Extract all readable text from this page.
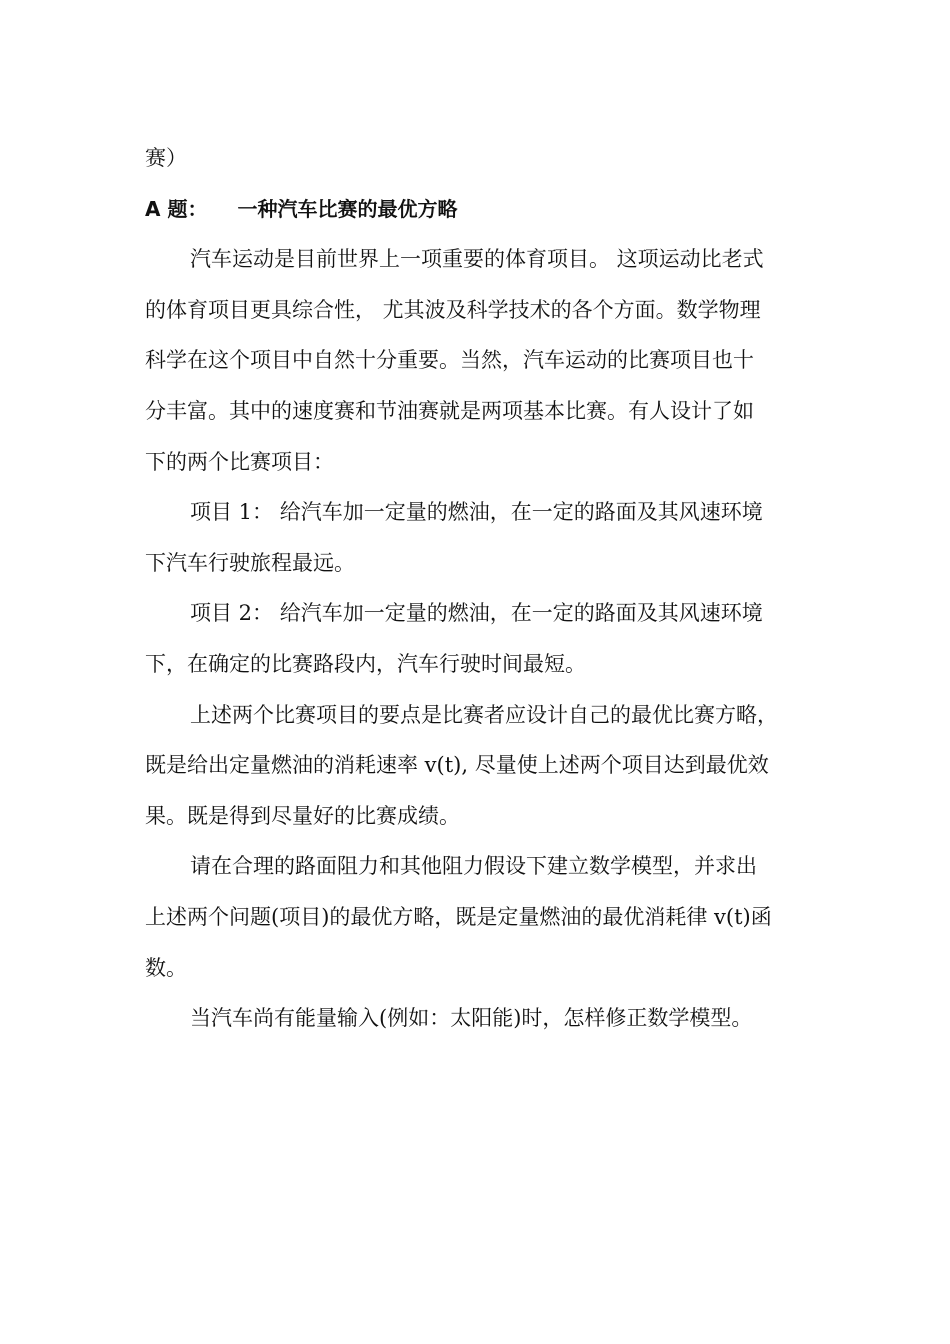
赛）
A 题： 一种汽车比赛的最优方略
汽车运动是目前世界上一项重要的体育项目。 这项运动比老式
的体育项目更具综合性， 尤其波及科学技术的各个方面。数学物理
科学在这个项目中自然十分重要。当然，汽车运动的比赛项目也十
分丰富。其中的速度赛和节油赛就是两项基本比赛。有人设计了如
下的两个比赛项目：
项目 1： 给汽车加一定量的燃油，在一定的路面及其风速环境
下汽车行驶旅程最远。
项目 2： 给汽车加一定量的燃油，在一定的路面及其风速环境
下，在确定的比赛路段内，汽车行驶时间最短。
上述两个比赛项目的要点是比赛者应设计自己的最优比赛方略，
既是给出定量燃油的消耗速率 v(t), 尽量使上述两个项目达到最优效
果。既是得到尽量好的比赛成绩。
请在合理的路面阻力和其他阻力假设下建立数学模型，并求出
上述两个问题(项目)的最优方略，既是定量燃油的最优消耗律 v(t)函
数。
当汽车尚有能量输入(例如：太阳能)时，怎样修正数学模型。
